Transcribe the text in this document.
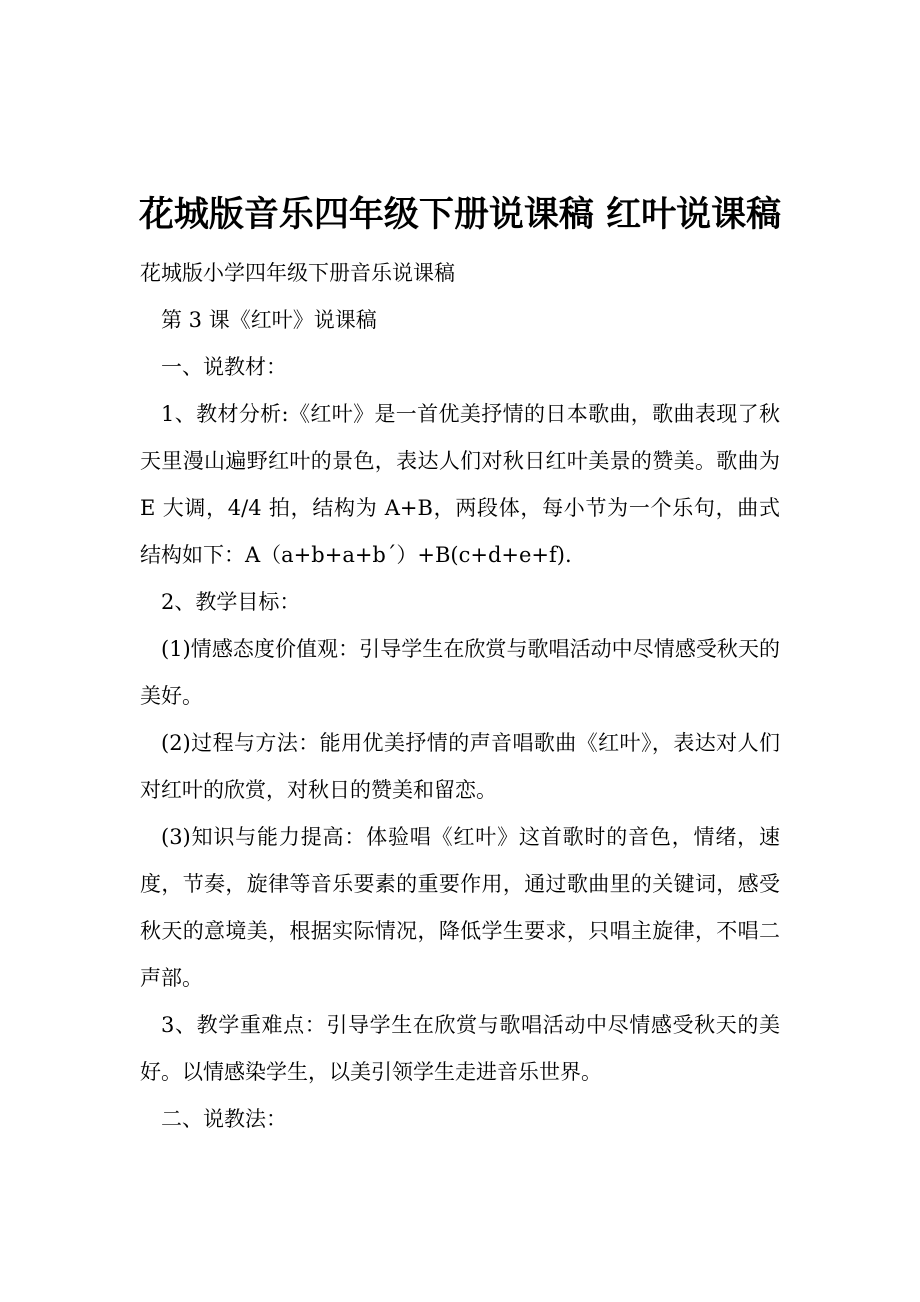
花城版音乐四年级下册说课稿 红叶说课稿

花城版小学四年级下册音乐说课稿

第 3 课《红叶》说课稿

一、说教材：

1、教材分析:《红叶》是一首优美抒情的日本歌曲，歌曲表现了秋天里漫山遍野红叶的景色，表达人们对秋日红叶美景的赞美。歌曲为 E 大调，4/4 拍，结构为 A+B，两段体，每小节为一个乐句，曲式结构如下：A（a+b+a+b´）+B(c+d+e+f).

2、教学目标：

(1)情感态度价值观：引导学生在欣赏与歌唱活动中尽情感受秋天的美好。

(2)过程与方法：能用优美抒情的声音唱歌曲《红叶》，表达对人们对红叶的欣赏，对秋日的赞美和留恋。

(3)知识与能力提高：体验唱《红叶》这首歌时的音色，情绪，速度，节奏，旋律等音乐要素的重要作用，通过歌曲里的关键词，感受秋天的意境美，根据实际情况，降低学生要求，只唱主旋律，不唱二声部。

3、教学重难点：引导学生在欣赏与歌唱活动中尽情感受秋天的美好。以情感染学生，以美引领学生走进音乐世界。

二、说教法：
